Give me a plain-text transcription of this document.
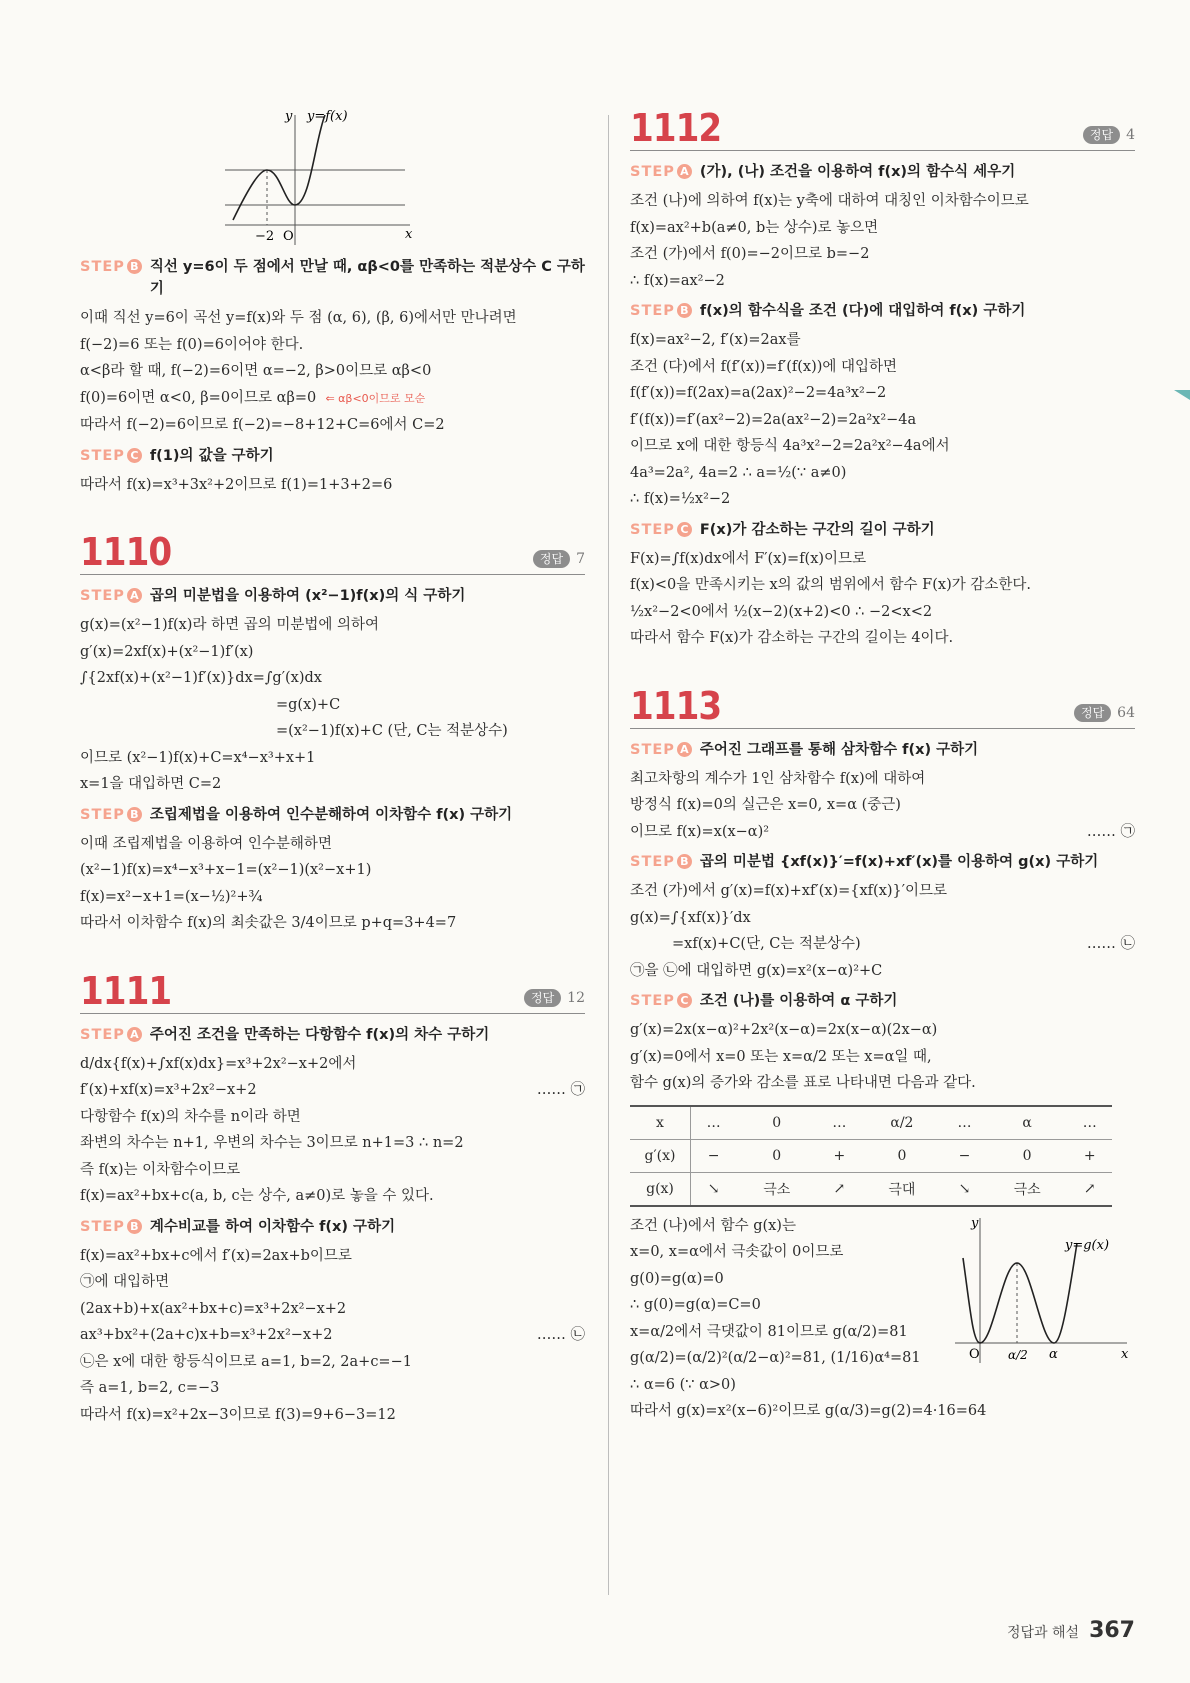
y y=f(x)
x
−2 O
STEP B 직선 y=6이 두 점에서 만날 때, αβ<0를 만족하는 적분상수 C 구하기
이때 직선 y=6이 곡선 y=f(x)와 두 점 (α, 6), (β, 6)에서만 만나려면
f(−2)=6 또는 f(0)=6이어야 한다.
α<β라 할 때, f(−2)=6이면 α=−2, β>0이므로 αβ<0
f(0)=6이면 α<0, β=0이므로 αβ=0 ⇐ αβ<0이므로 모순
따라서 f(−2)=6이므로 f(−2)=−8+12+C=6에서 C=2
STEP C f(1)의 값을 구하기
따라서 f(x)=x³+3x²+2이므로 f(1)=1+3+2=6
1110	정답 7
STEP A 곱의 미분법을 이용하여 (x²−1)f(x)의 식 구하기
g(x)=(x²−1)f(x)라 하면 곱의 미분법에 의하여
g′(x)=2xf(x)+(x²−1)f′(x)
∫{2xf(x)+(x²−1)f′(x)}dx=∫g′(x)dx
=g(x)+C
=(x²−1)f(x)+C (단, C는 적분상수)
이므로 (x²−1)f(x)+C=x⁴−x³+x+1
x=1을 대입하면 C=2
STEP B 조립제법을 이용하여 인수분해하여 이차함수 f(x) 구하기
이때 조립제법을 이용하여 인수분해하면
(x²−1)f(x)=x⁴−x³+x−1=(x²−1)(x²−x+1)
f(x)=x²−x+1=(x−½)²+¾
따라서 이차함수 f(x)의 최솟값은 3/4이므로 p+q=3+4=7
1111	정답 12
STEP A 주어진 조건을 만족하는 다항함수 f(x)의 차수 구하기
d/dx{f(x)+∫xf(x)dx}=x³+2x²−x+2에서
f′(x)+xf(x)=x³+2x²−x+2	…… ㉠
다항함수 f(x)의 차수를 n이라 하면
좌변의 차수는 n+1, 우변의 차수는 3이므로 n+1=3 ∴ n=2
즉 f(x)는 이차함수이므로
f(x)=ax²+bx+c(a, b, c는 상수, a≠0)로 놓을 수 있다.
STEP B 계수비교를 하여 이차함수 f(x) 구하기
f(x)=ax²+bx+c에서 f′(x)=2ax+b이므로
㉠에 대입하면
(2ax+b)+x(ax²+bx+c)=x³+2x²−x+2
ax³+bx²+(2a+c)x+b=x³+2x²−x+2	…… ㉡
㉡은 x에 대한 항등식이므로 a=1, b=2, 2a+c=−1
즉 a=1, b=2, c=−3
따라서 f(x)=x²+2x−3이므로 f(3)=9+6−3=12
1112	정답 4
STEP A (가), (나) 조건을 이용하여 f(x)의 함수식 세우기
조건 (나)에 의하여 f(x)는 y축에 대하여 대칭인 이차함수이므로
f(x)=ax²+b(a≠0, b는 상수)로 놓으면
조건 (가)에서 f(0)=−2이므로 b=−2
∴ f(x)=ax²−2
STEP B f(x)의 함수식을 조건 (다)에 대입하여 f(x) 구하기
f(x)=ax²−2, f′(x)=2ax를
조건 (다)에서 f(f′(x))=f′(f(x))에 대입하면
f(f′(x))=f(2ax)=a(2ax)²−2=4a³x²−2
f′(f(x))=f′(ax²−2)=2a(ax²−2)=2a²x²−4a
이므로 x에 대한 항등식 4a³x²−2=2a²x²−4a에서
4a³=2a², 4a=2 ∴ a=½(∵ a≠0)
∴ f(x)=½x²−2
STEP C F(x)가 감소하는 구간의 길이 구하기
F(x)=∫f(x)dx에서 F′(x)=f(x)이므로
f(x)<0을 만족시키는 x의 값의 범위에서 함수 F(x)가 감소한다.
½x²−2<0에서 ½(x−2)(x+2)<0 ∴ −2<x<2
따라서 함수 F(x)가 감소하는 구간의 길이는 4이다.
1113	정답 64
STEP A 주어진 그래프를 통해 삼차함수 f(x) 구하기
최고차항의 계수가 1인 삼차함수 f(x)에 대하여
방정식 f(x)=0의 실근은 x=0, x=α (중근)
이므로 f(x)=x(x−α)²	…… ㉠
STEP B 곱의 미분법 {xf(x)}′=f(x)+xf′(x)를 이용하여 g(x) 구하기
조건 (가)에서 g′(x)=f(x)+xf′(x)={xf(x)}′이므로
g(x)=∫{xf(x)}′dx
=xf(x)+C(단, C는 적분상수)	…… ㉡
㉠을 ㉡에 대입하면 g(x)=x²(x−α)²+C
STEP C 조건 (나)를 이용하여 α 구하기
g′(x)=2x(x−α)²+2x²(x−α)=2x(x−α)(2x−α)
g′(x)=0에서 x=0 또는 x=α/2 또는 x=α일 때,
함수 g(x)의 증가와 감소를 표로 나타내면 다음과 같다.
x	…	0	…	α/2	…	α	…
g′(x)	−	0	+	0	−	0	+
g(x)	↘	극소	↗	극대	↘	극소	↗
조건 (나)에서 함수 g(x)는
x=0, x=α에서 극솟값이 0이므로
g(0)=g(α)=0
∴ g(0)=g(α)=C=0
x=α/2에서 극댓값이 81이므로 g(α/2)=81
g(α/2)=(α/2)²(α/2−α)²=81, (1/16)α⁴=81
∴ α=6 (∵ α>0)
따라서 g(x)=x²(x−6)²이므로 g(α/3)=g(2)=4·16=64
y
y=g(x)
x
O α/2 α
정답과 해설 367
